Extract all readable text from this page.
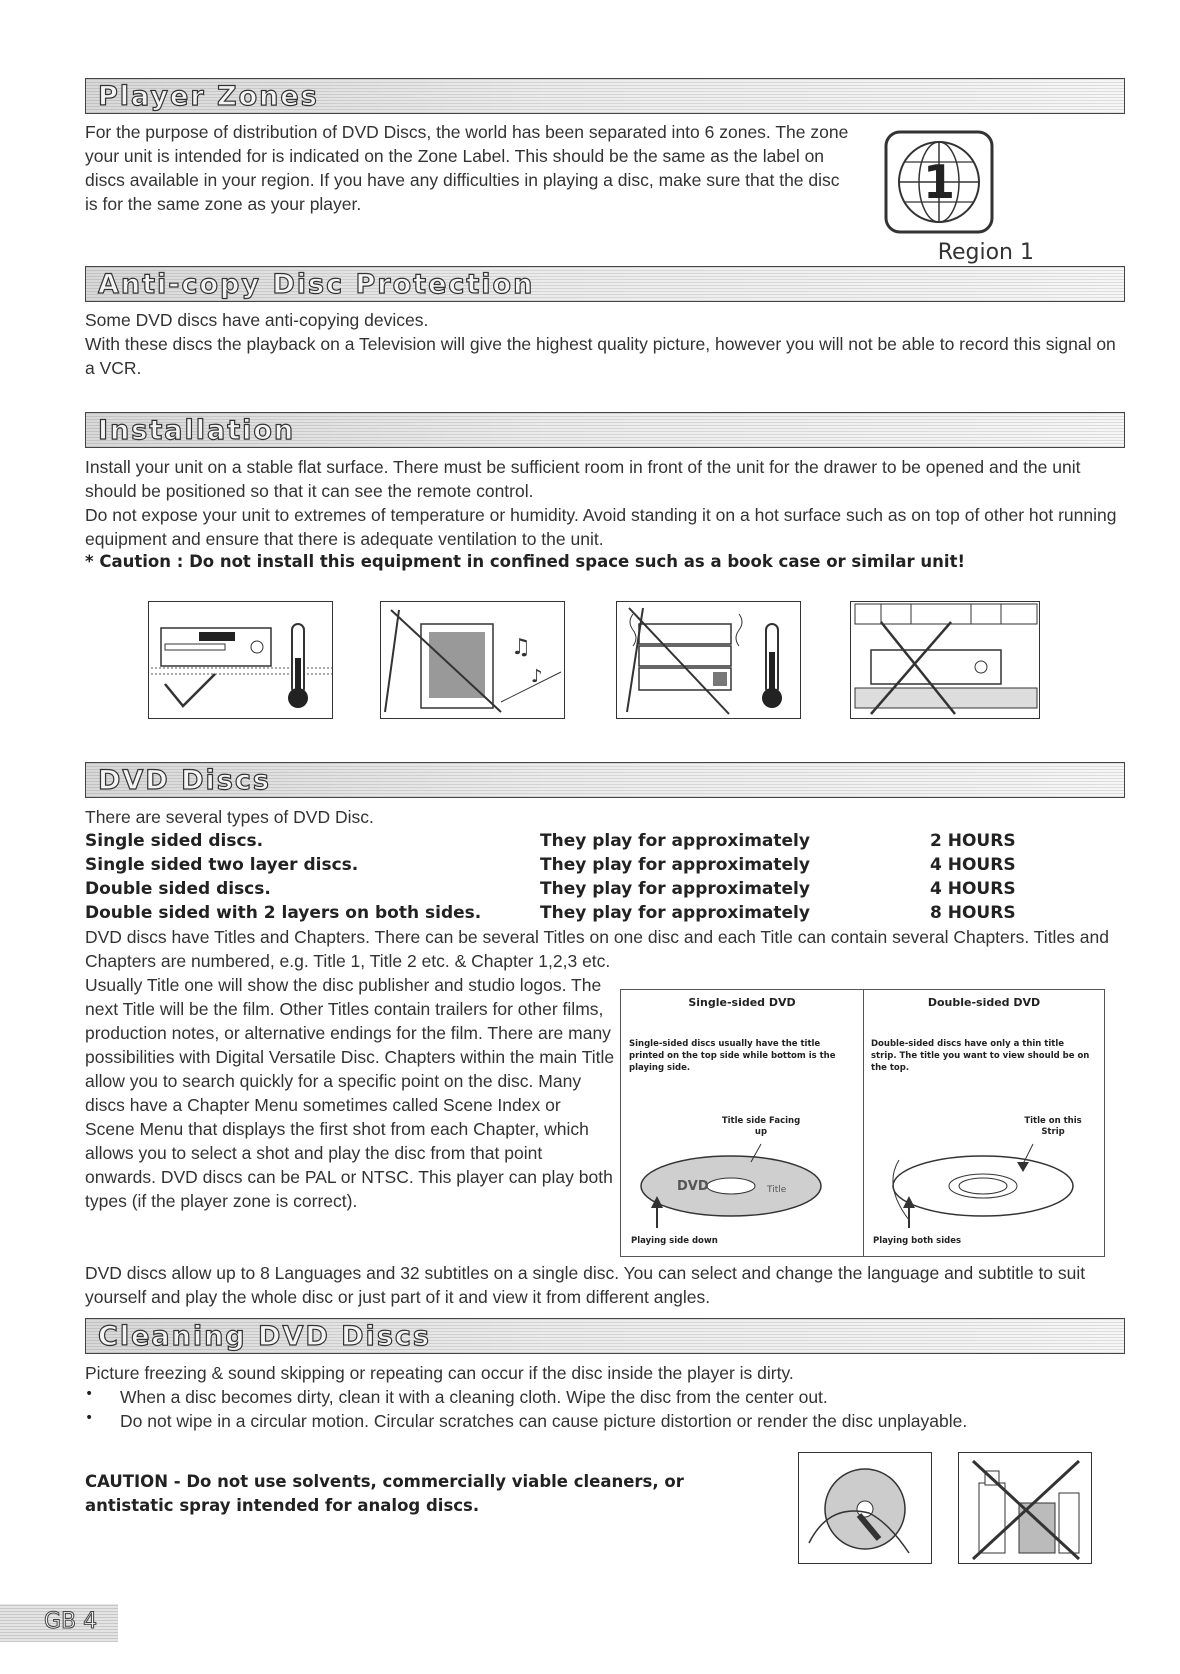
Player Zones

For the purpose of distribution of DVD Discs, the world has been separated into 6 zones. The zone your unit is intended for is indicated on the Zone Label. This should be the same as the label on discs available in your region. If you have any difficulties in playing a disc, make sure that the disc is for the same zone as your player.	1
Region 1
Anti-copy Disc Protection

Some DVD discs have anti-copying devices.

With these discs the playback on a Television will give the highest quality picture, however you will not be able to record this signal on a VCR.

Installation

Install your unit on a stable flat surface. There must be sufficient room in front of the unit for the drawer to be opened and the unit should be positioned so that it can see the remote control.

Do not expose your unit to extremes of temperature or humidity. Avoid standing it on a hot surface such as on top of other hot running equipment and ensure that there is adequate ventilation to the unit.

* Caution : Do not install this equipment in confined space such as a book case or similar unit!

♫
♪
DVD Discs

There are several types of DVD Disc.

Single sided discs.	They play for approximately	2 HOURS

Single sided two layer discs.	They play for approximately	4 HOURS

Double sided discs.	They play for approximately	4 HOURS

Double sided with 2 layers on both sides.	They play for approximately	8 HOURS

DVD discs have Titles and Chapters. There can be several Titles on one disc and each Title can contain several Chapters. Titles and Chapters are numbered, e.g. Title 1, Title 2 etc. & Chapter 1,2,3 etc.

Usually Title one will show the disc publisher and studio logos. The next Title will be the film. Other Titles contain trailers for other films, production notes, or alternative endings for the film. There are many possibilities with Digital Versatile Disc. Chapters within the main Title allow you to search quickly for a specific point on the disc. Many discs have a Chapter Menu sometimes called Scene Index or Scene Menu that displays the first shot from each Chapter, which allows you to select a shot and play the disc from that point onwards. DVD discs can be PAL or NTSC. This player can play both types (if the player zone is correct).

DVD discs allow up to 8 Languages and 32 subtitles on a single disc. You can select and change the language and subtitle to suit yourself and play the whole disc or just part of it and view it from different angles.

Single-sided DVD
Single-sided discs usually have the title printed on the top side while bottom is the playing side.
Title side Facing up
DVD	Title
Playing side down
Double-sided DVD
Double-sided discs have only a thin title strip. The title you want to view should be on the top.
Title on this Strip
Playing both sides
Cleaning DVD Discs

Picture freezing & sound skipping or repeating can occur if the disc inside the player is dirty.

• When a disc becomes dirty, clean it with a cleaning cloth. Wipe the disc from the center out.

• Do not wipe in a circular motion. Circular scratches can cause picture distortion or render the disc unplayable.

CAUTION - Do not use solvents, commercially viable cleaners, or antistatic spray intended for analog discs.

GB 4
